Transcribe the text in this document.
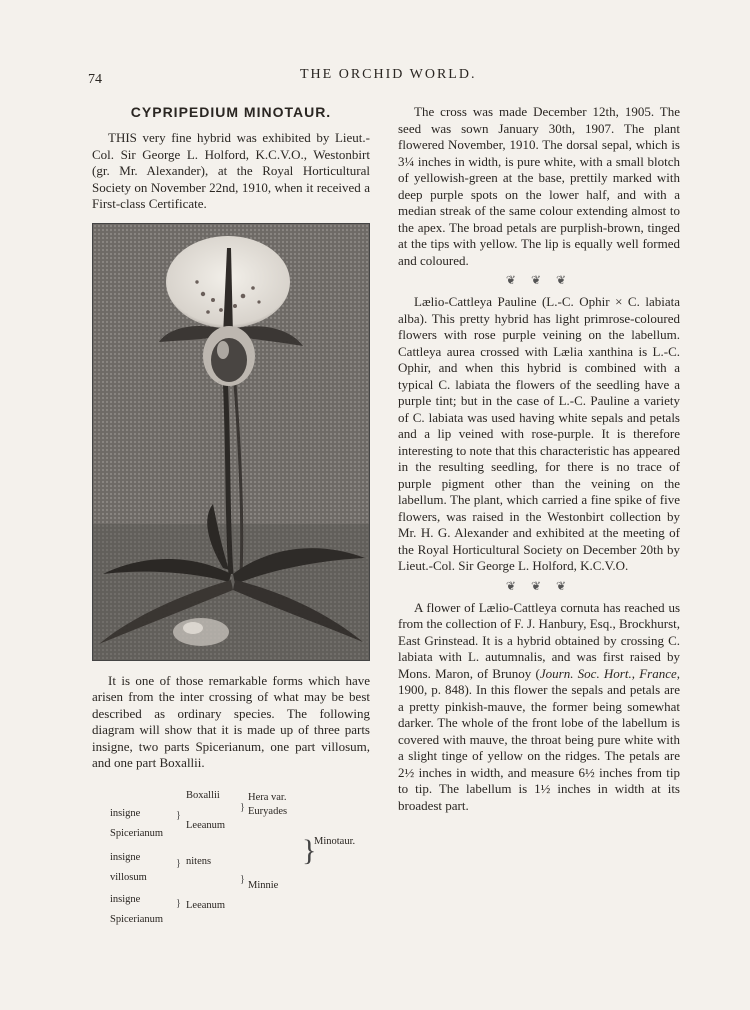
74	THE ORCHID WORLD.
CYPRIPEDIUM MINOTAUR.

THIS very fine hybrid was exhibited by Lieut.-Col. Sir George L. Holford, K.C.V.O., Westonbirt (gr. Mr. Alexander), at the Royal Horticultural Society on November 22nd, 1910, when it received a First-class Certificate.

It is one of those remarkable forms which have arisen from the inter crossing of what may be best described as ordinary species. The following diagram will show that it is made up of three parts insigne, two parts Spicerianum, one part villosum, and one part Boxallii.

insigne
Spicerianum
}
Boxallii
Leeanum
}
Hera var.
Euryades
insigne
villosum
} nitens
insigne
Spicerianum
} Leeanum
}
Minnie
}
Minotaur.

The cross was made December 12th, 1905. The seed was sown January 30th, 1907. The plant flowered November, 1910. The dorsal sepal, which is 3¼ inches in width, is pure white, with a small blotch of yellowish-green at the base, prettily marked with deep purple spots on the lower half, and with a median streak of the same colour extending almost to the apex. The broad petals are purplish-brown, tinged at the tips with yellow. The lip is equally well formed and coloured.

❦ ❦ ❦

Lælio-Cattleya Pauline (L.-C. Ophir × C. labiata alba). This pretty hybrid has light primrose-coloured flowers with rose purple veining on the labellum. Cattleya aurea crossed with Lælia xanthina is L.-C. Ophir, and when this hybrid is combined with a typical C. labiata the flowers of the seedling have a purple tint; but in the case of L.-C. Pauline a variety of C. labiata was used having white sepals and petals and a lip veined with rose-purple. It is therefore interesting to note that this characteristic has appeared in the resulting seedling, for there is no trace of purple pigment other than the veining on the labellum. The plant, which carried a fine spike of five flowers, was raised in the Westonbirt collection by Mr. H. G. Alexander and exhibited at the meeting of the Royal Horticultural Society on December 20th by Lieut.-Col. Sir George L. Holford, K.C.V.O.

❦ ❦ ❦

A flower of Lælio-Cattleya cornuta has reached us from the collection of F. J. Hanbury, Esq., Brockhurst, East Grinstead. It is a hybrid obtained by crossing C. labiata with L. autumnalis, and was first raised by Mons. Maron, of Brunoy (Journ. Soc. Hort., France, 1900, p. 848). In this flower the sepals and petals are a pretty pinkish-mauve, the former being somewhat darker. The whole of the front lobe of the labellum is covered with mauve, the throat being pure white with a slight tinge of yellow on the ridges. The petals are 2½ inches in width, and measure 6½ inches from tip to tip. The labellum is 1½ inches in width at its broadest part.
